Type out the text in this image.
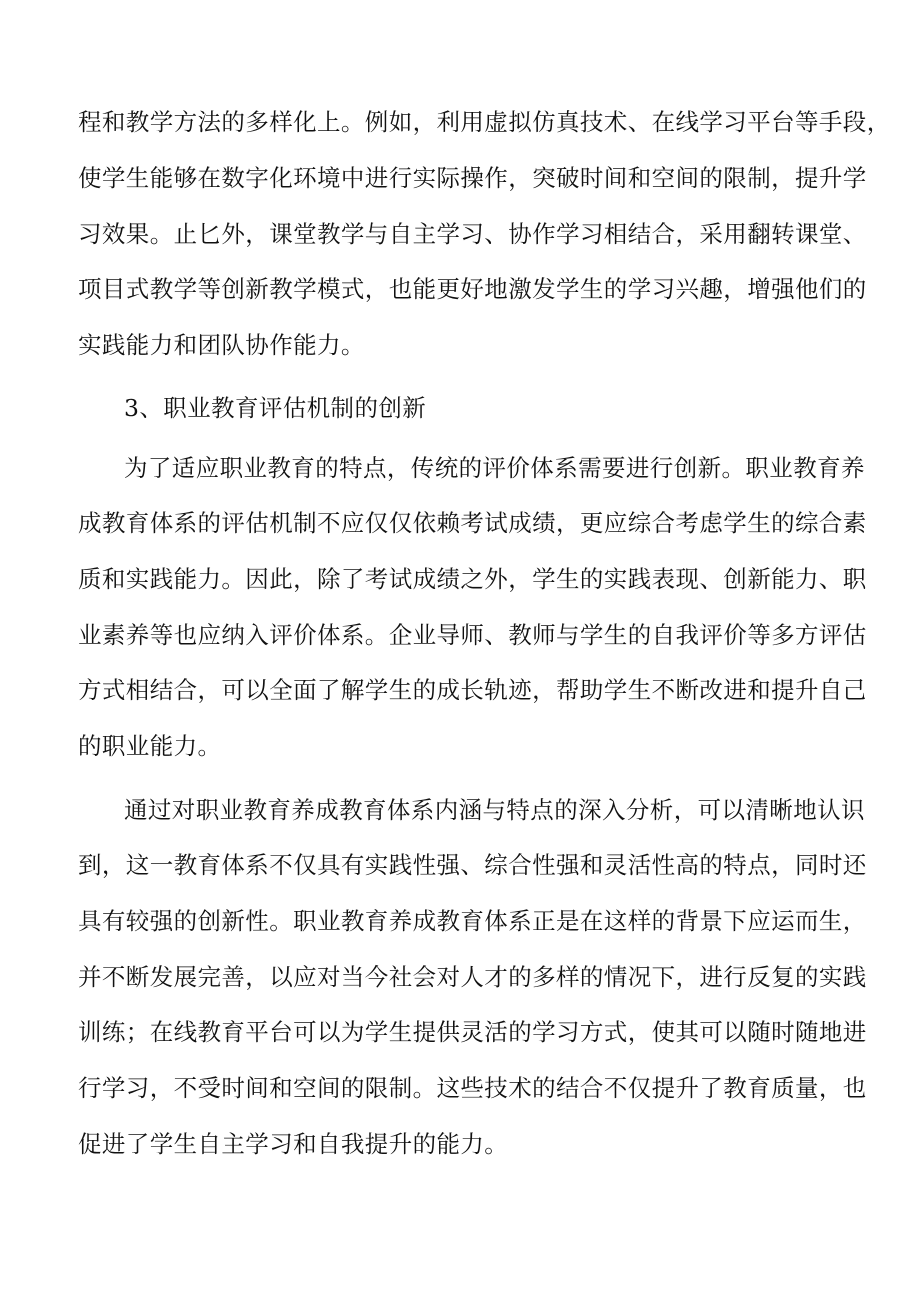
程和教学方法的多样化上。例如，利用虚拟仿真技术、在线学习平台等手段，
使学生能够在数字化环境中进行实际操作，突破时间和空间的限制，提升学
习效果。止匕外，课堂教学与自主学习、协作学习相结合，采用翻转课堂、
项目式教学等创新教学模式，也能更好地激发学生的学习兴趣，增强他们的
实践能力和团队协作能力。
3、职业教育评估机制的创新
为了适应职业教育的特点，传统的评价体系需要进行创新。职业教育养
成教育体系的评估机制不应仅仅依赖考试成绩，更应综合考虑学生的综合素
质和实践能力。因此，除了考试成绩之外，学生的实践表现、创新能力、职
业素养等也应纳入评价体系。企业导师、教师与学生的自我评价等多方评估
方式相结合，可以全面了解学生的成长轨迹，帮助学生不断改进和提升自己
的职业能力。
通过对职业教育养成教育体系内涵与特点的深入分析，可以清晰地认识
到，这一教育体系不仅具有实践性强、综合性强和灵活性高的特点，同时还
具有较强的创新性。职业教育养成教育体系正是在这样的背景下应运而生，
并不断发展完善，以应对当今社会对人才的多样的情况下，进行反复的实践
训练；在线教育平台可以为学生提供灵活的学习方式，使其可以随时随地进
行学习，不受时间和空间的限制。这些技术的结合不仅提升了教育质量，也
促进了学生自主学习和自我提升的能力。
